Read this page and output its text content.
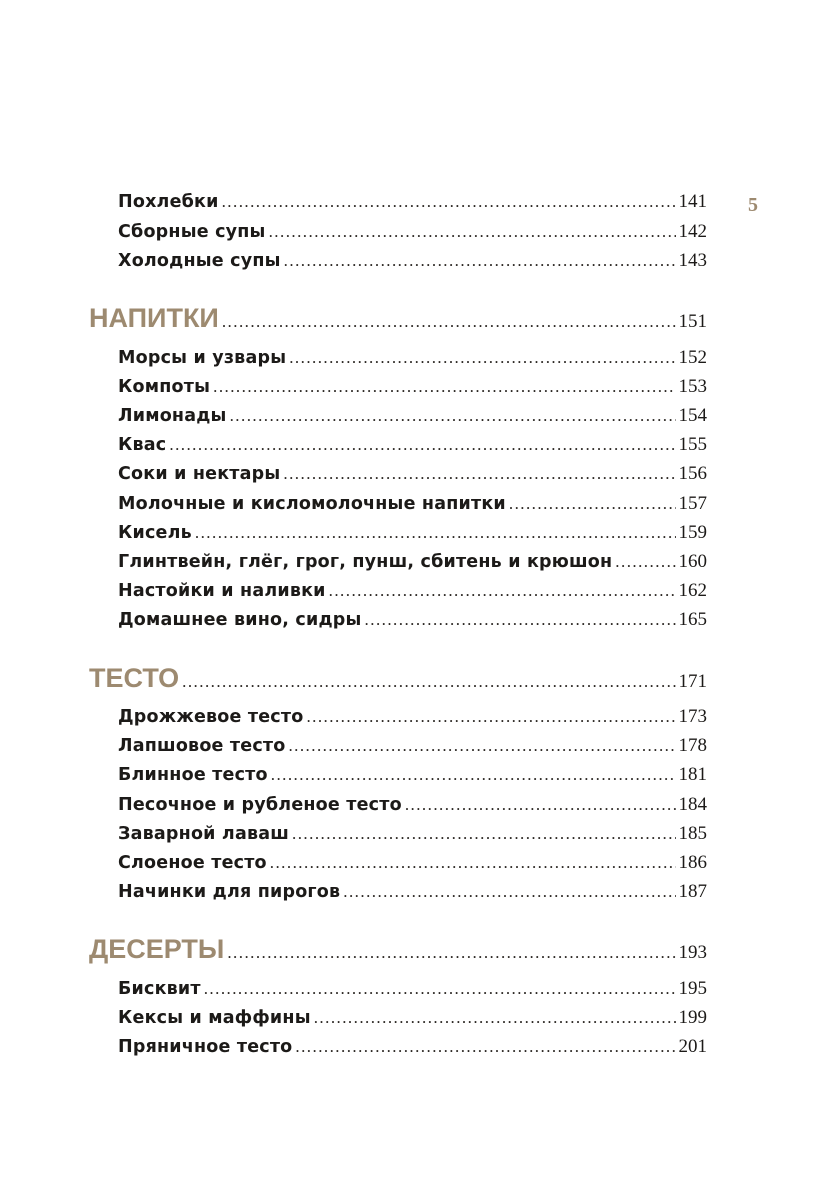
5
Похлебки . . .	141
Сборные супы . . .	142
Холодные супы . . .	143
НАПИТКИ . . .	151
Морсы и узвары . . .	152
Компоты . . .	153
Лимонады . . .	154
Квас . . .	155
Соки и нектары . . .	156
Молочные и кисломолочные напитки . . .	157
Кисель . . .	159
Глинтвейн, глёг, грог, пунш, сбитень и крюшон . . .	160
Настойки и наливки . . .	162
Домашнее вино, сидры . . .	165
ТЕСТО . . .	171
Дрожжевое тесто . . .	173
Лапшовое тесто . . .	178
Блинное тесто . . .	181
Песочное и рубленое тесто . . .	184
Заварной лаваш . . .	185
Слоеное тесто . . .	186
Начинки для пирогов . . .	187
ДЕСЕРТЫ . . .	193
Бисквит . . .	195
Кексы и маффины . . .	199
Пряничное тесто . . .	201
